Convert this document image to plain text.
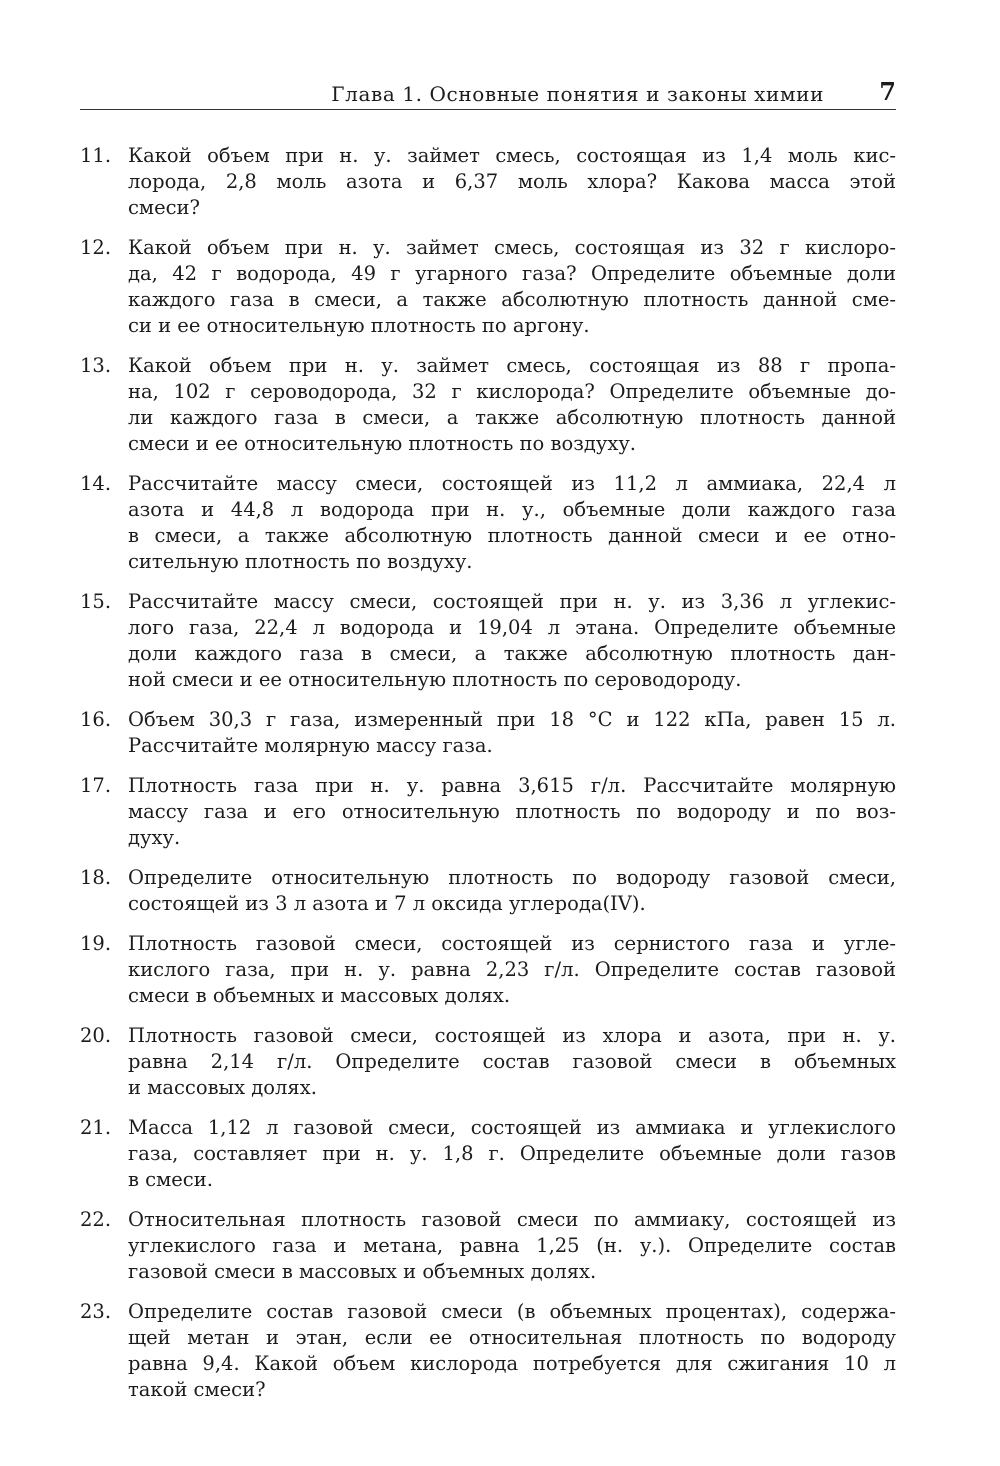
Глава 1. Основные понятия и законы химии 7
11. Какой объем при н. у. займет смесь, состоящая из 1,4 моль кис-
лорода, 2,8 моль азота и 6,37 моль хлора? Какова масса этой
смеси?
12. Какой объем при н. у. займет смесь, состоящая из 32 г кислоро-
да, 42 г водорода, 49 г угарного газа? Определите объемные доли
каждого газа в смеси, а также абсолютную плотность данной сме-
си и ее относительную плотность по аргону.
13. Какой объем при н. у. займет смесь, состоящая из 88 г пропа-
на, 102 г сероводорода, 32 г кислорода? Определите объемные до-
ли каждого газа в смеси, а также абсолютную плотность данной
смеси и ее относительную плотность по воздуху.
14. Рассчитайте массу смеси, состоящей из 11,2 л аммиака, 22,4 л
азота и 44,8 л водорода при н. у., объемные доли каждого газа
в смеси, а также абсолютную плотность данной смеси и ее отно-
сительную плотность по воздуху.
15. Рассчитайте массу смеси, состоящей при н. у. из 3,36 л углекис-
лого газа, 22,4 л водорода и 19,04 л этана. Определите объемные
доли каждого газа в смеси, а также абсолютную плотность дан-
ной смеси и ее относительную плотность по сероводороду.
16. Объем 30,3 г газа, измеренный при 18 °C и 122 кПа, равен 15 л.
Рассчитайте молярную массу газа.
17. Плотность газа при н. у. равна 3,615 г/л. Рассчитайте молярную
массу газа и его относительную плотность по водороду и по воз-
духу.
18. Определите относительную плотность по водороду газовой смеси,
состоящей из 3 л азота и 7 л оксида углерода(IV).
19. Плотность газовой смеси, состоящей из сернистого газа и угле-
кислого газа, при н. у. равна 2,23 г/л. Определите состав газовой
смеси в объемных и массовых долях.
20. Плотность газовой смеси, состоящей из хлора и азота, при н. у.
равна 2,14 г/л. Определите состав газовой смеси в объемных
и массовых долях.
21. Масса 1,12 л газовой смеси, состоящей из аммиака и углекислого
газа, составляет при н. у. 1,8 г. Определите объемные доли газов
в смеси.
22. Относительная плотность газовой смеси по аммиаку, состоящей из
углекислого газа и метана, равна 1,25 (н. у.). Определите состав
газовой смеси в массовых и объемных долях.
23. Определите состав газовой смеси (в объемных процентах), содержа-
щей метан и этан, если ее относительная плотность по водороду
равна 9,4. Какой объем кислорода потребуется для сжигания 10 л
такой смеси?
